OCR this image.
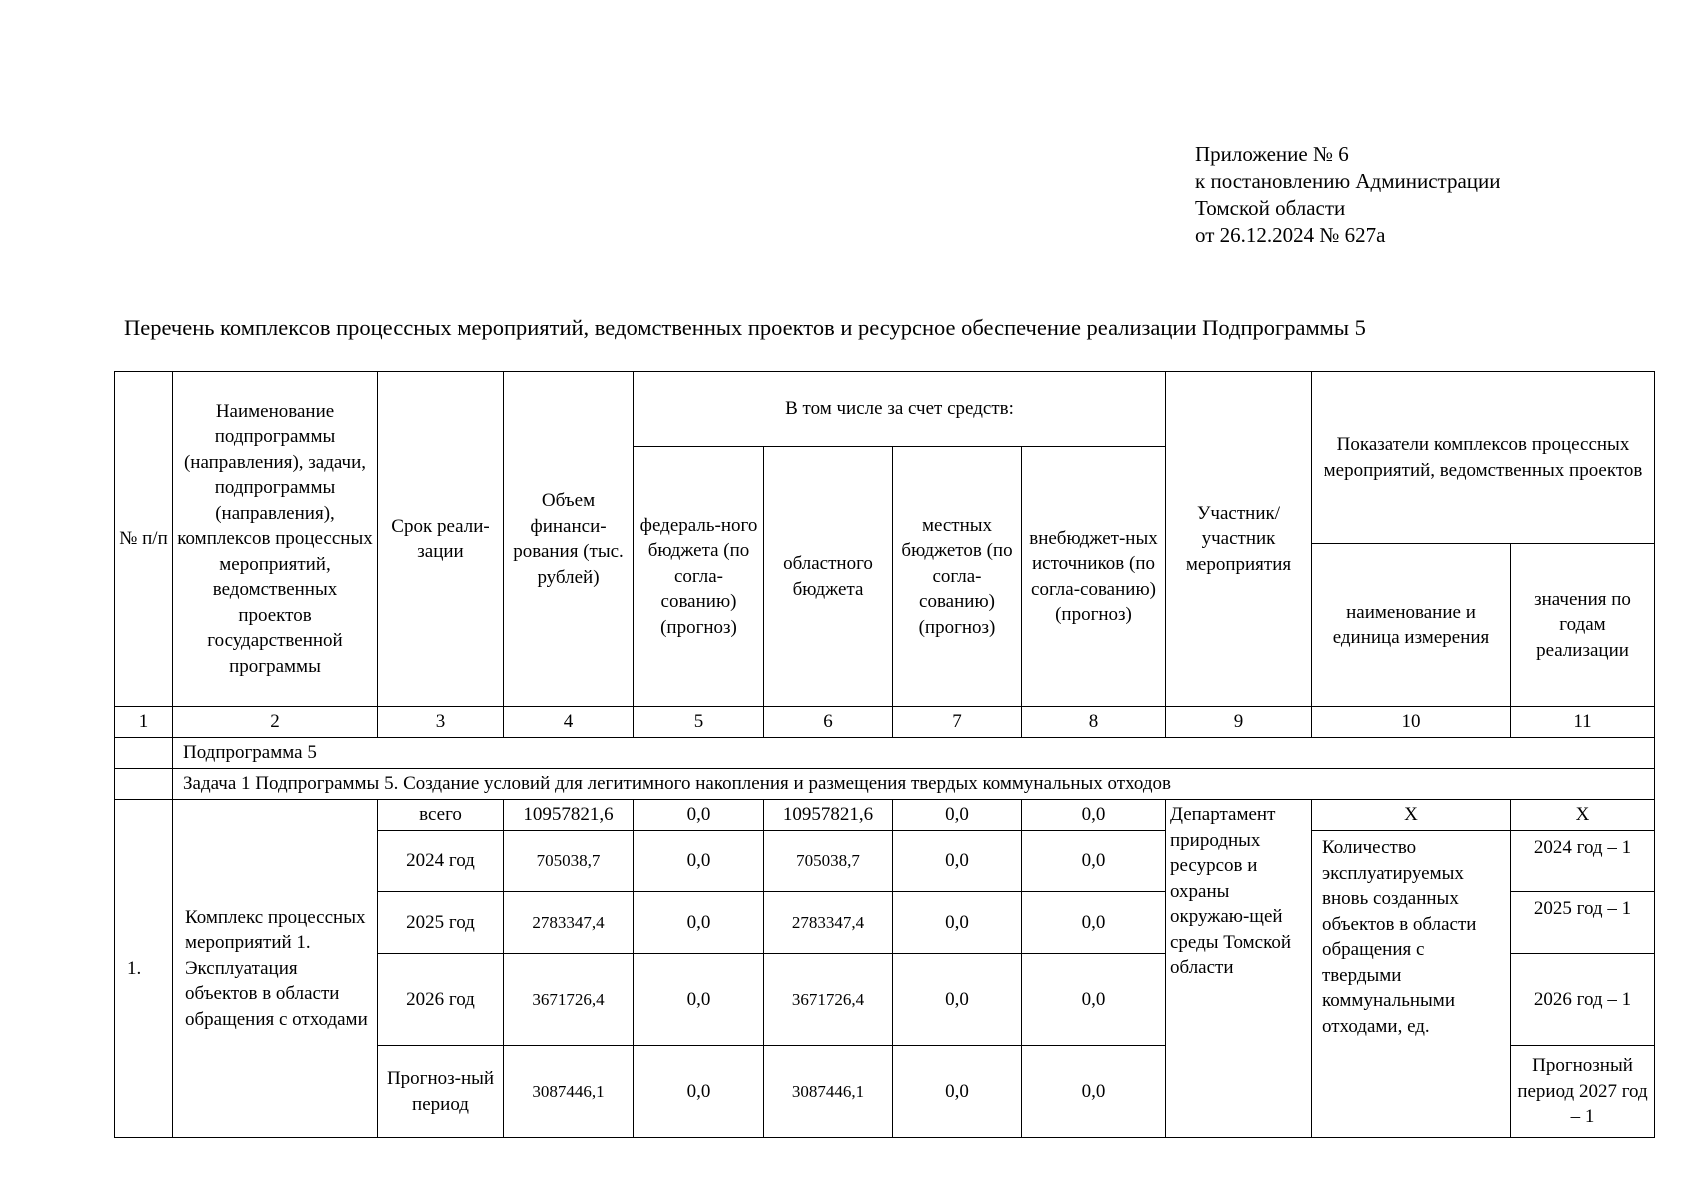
Приложение № 6
к постановлению Администрации
Томской области
от 26.12.2024 № 627а
Перечень комплексов процессных мероприятий, ведомственных проектов и ресурсное обеспечение реализации Подпрограммы 5
№ п/п	Наименование подпрограммы (направления), задачи, подпрограммы (направления), комплексов процессных мероприятий, ведомственных проектов государственной программы	Срок реали-зации	Объем финанси-рования (тыс. рублей)	В том числе за счет средств:				Участник/ участник мероприятия	Показатели комплексов процессных мероприятий, ведомственных проектов	
				федераль-ного бюджета (по согла-сованию) (прогноз)	областного бюджета	местных бюджетов (по согла-сованию) (прогноз)	внебюджет-ных источников (по согла-сованию) (прогноз)			
									наименование и единица измерения	значения по годам реализации
1	2	3	4	5	6	7	8	9	10	11
	Подпрограмма 5									
	Задача 1 Подпрограммы 5. Создание условий для легитимного накопления и размещения твердых коммунальных отходов									
1.	Комплекс процессных мероприятий 1. Эксплуатация объектов в области обращения с отходами	всего	10957821,6	0,0	10957821,6	0,0	0,0	Департамент природных ресурсов и охраны окружаю-щей среды Томской области	Х	Х
		2024 год	705038,7	0,0	705038,7	0,0	0,0		Количество эксплуатируемых вновь созданных объектов в области обращения с твердыми коммунальными отходами, ед.	2024 год – 1
		2025 год	2783347,4	0,0	2783347,4	0,0	0,0			2025 год – 1
		2026 год	3671726,4	0,0	3671726,4	0,0	0,0			2026 год – 1
		Прогноз-ный период	3087446,1	0,0	3087446,1	0,0	0,0			Прогнозный период 2027 год – 1
